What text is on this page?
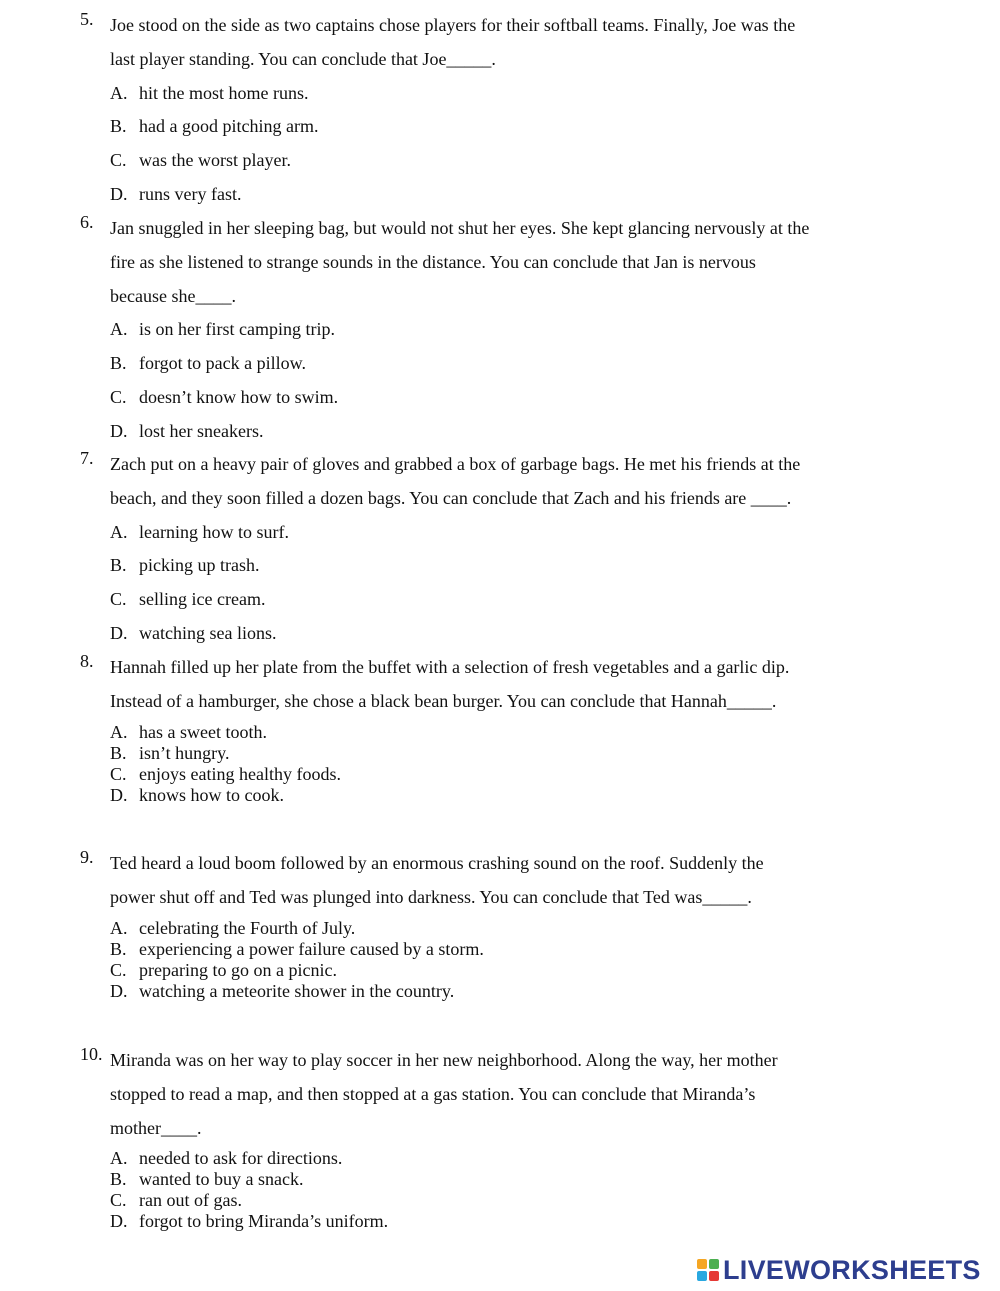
5. Joe stood on the side as two captains chose players for their softball teams. Finally, Joe was the

last player standing. You can conclude that Joe_____.

A. hit the most home runs.
B. had a good pitching arm.
C. was the worst player.
D. runs very fast.
6. Jan snuggled in her sleeping bag, but would not shut her eyes. She kept glancing nervously at the

fire as she listened to strange sounds in the distance. You can conclude that Jan is nervous

because she____.

A. is on her first camping trip.
B. forgot to pack a pillow.
C. doesn’t know how to swim.
D. lost her sneakers.
7. Zach put on a heavy pair of gloves and grabbed a box of garbage bags. He met his friends at the

beach, and they soon filled a dozen bags. You can conclude that Zach and his friends are ____.

A. learning how to surf.
B. picking up trash.
C. selling ice cream.
D. watching sea lions.
8. Hannah filled up her plate from the buffet with a selection of fresh vegetables and a garlic dip.

Instead of a hamburger, she chose a black bean burger. You can conclude that Hannah_____.

A. has a sweet tooth.
B. isn’t hungry.
C. enjoys eating healthy foods.
D. knows how to cook.
9. Ted heard a loud boom followed by an enormous crashing sound on the roof. Suddenly the

power shut off and Ted was plunged into darkness. You can conclude that Ted was_____.

A. celebrating the Fourth of July.
B. experiencing a power failure caused by a storm.
C. preparing to go on a picnic.
D. watching a meteorite shower in the country.
10. Miranda was on her way to play soccer in her new neighborhood. Along the way, her mother

stopped to read a map, and then stopped at a gas station. You can conclude that Miranda’s

mother____.

A. needed to ask for directions.
B. wanted to buy a snack.
C. ran out of gas.
D. forgot to bring Miranda’s uniform.
LIVEWORKSHEETS
